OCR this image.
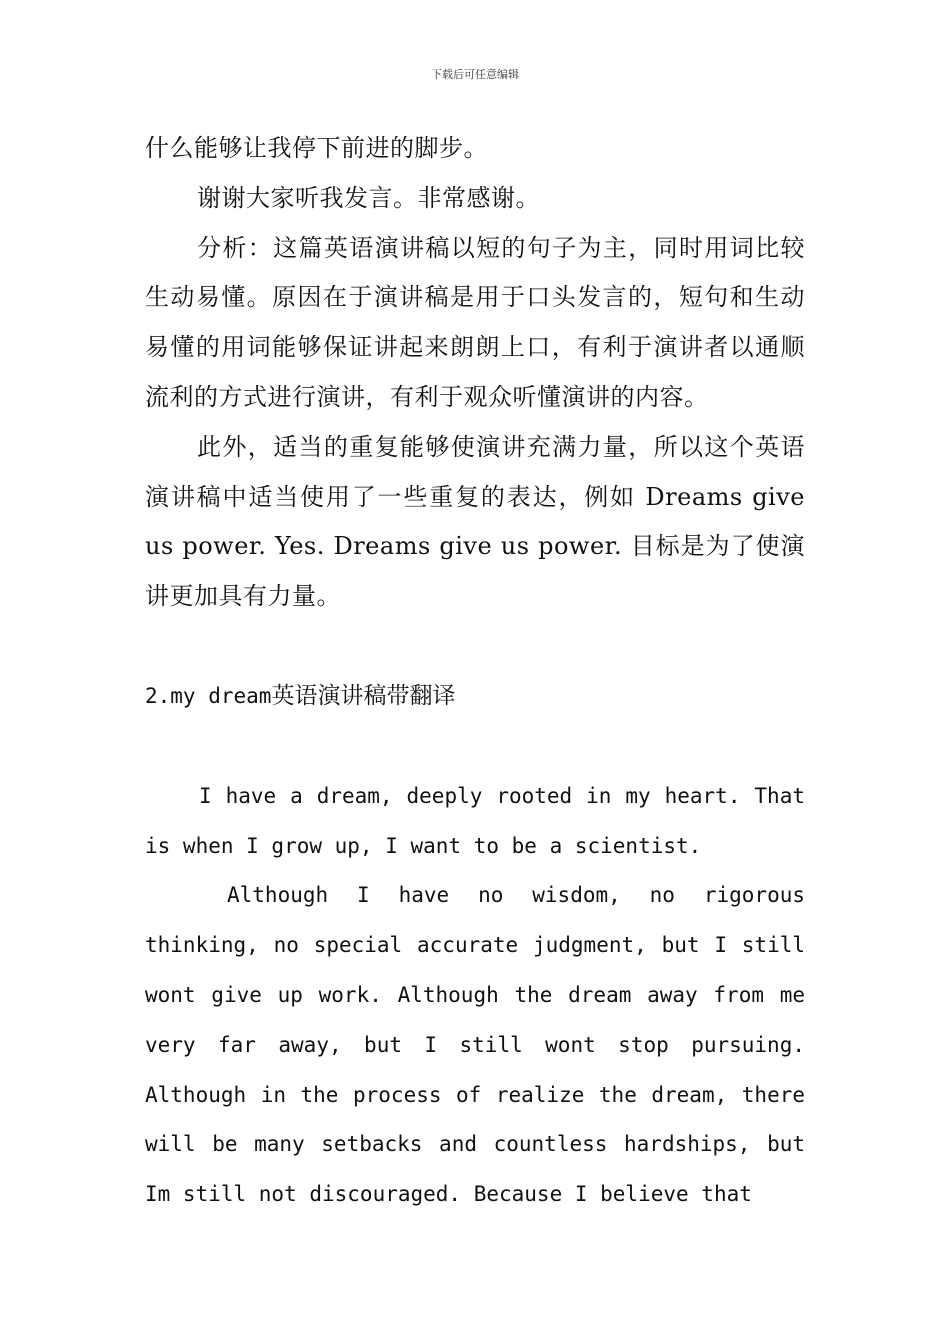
下载后可任意编辑

什么能够让我停下前进的脚步。

谢谢大家听我发言。非常感谢。

分析：这篇英语演讲稿以短的句子为主，同时用词比较生动易懂。原因在于演讲稿是用于口头发言的，短句和生动易懂的用词能够保证讲起来朗朗上口，有利于演讲者以通顺流利的方式进行演讲，有利于观众听懂演讲的内容。

此外，适当的重复能够使演讲充满力量，所以这个英语演讲稿中适当使用了一些重复的表达，例如 Dreams give us power. Yes. Dreams give us power. 目标是为了使演讲更加具有力量。

2.my dream英语演讲稿带翻译

I have a dream, deeply rooted in my heart. That is when I grow up, I want to be a scientist.

Although I have no wisdom, no rigorous thinking, no special accurate judgment, but I still wont give up work. Although the dream away from me very far away, but I still wont stop pursuing. Although in the process of realize the dream, there will be many setbacks and countless hardships, but Im still not discouraged. Because I believe that
